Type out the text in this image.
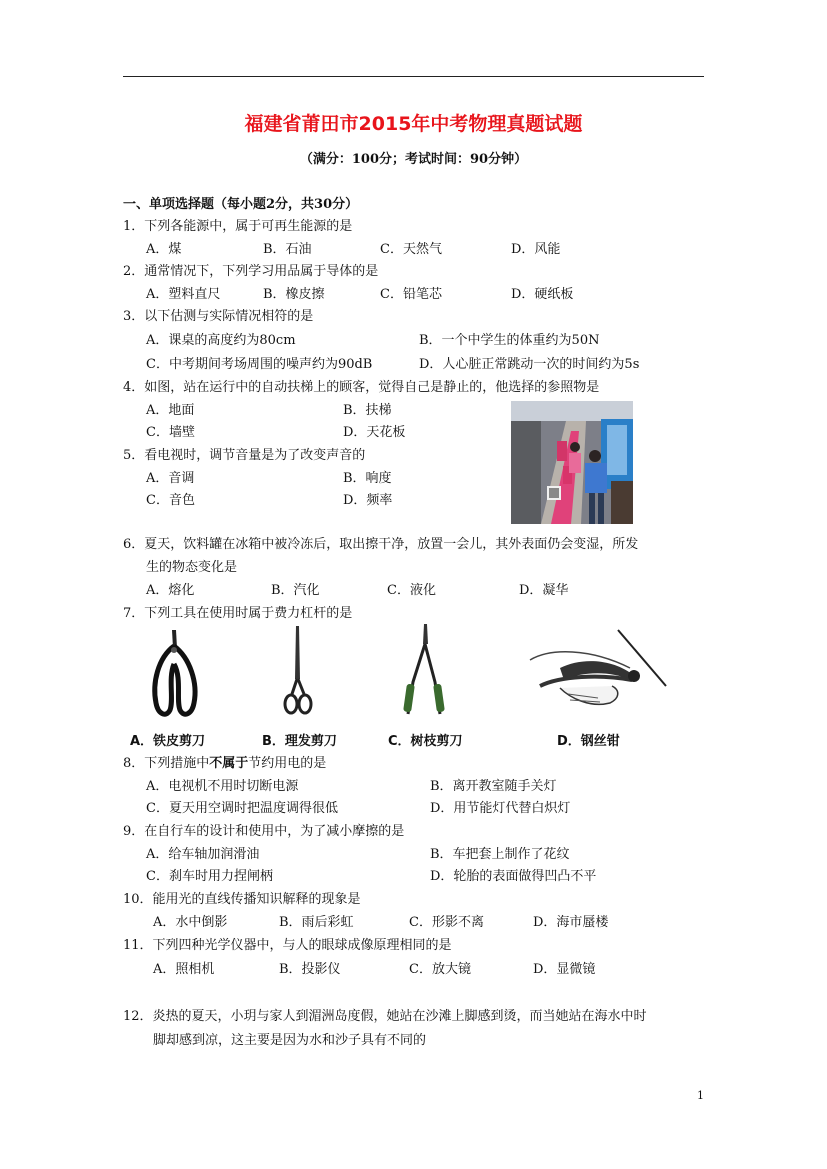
福建省莆田市2015年中考物理真题试题
（满分：100分；考试时间：90分钟）
一、单项选择题（每小题2分，共30分）
1．下列各能源中，属于可再生能源的是
A．煤	B．石油	C．天然气	D．风能
2．通常情况下，下列学习用品属于导体的是
A．塑料直尺	B．橡皮擦	C．铅笔芯	D．硬纸板
3．以下估测与实际情况相符的是
A．课桌的高度约为80cm	B．一个中学生的体重约为50N
C．中考期间考场周围的噪声约为90dB	D．人心脏正常跳动一次的时间约为5s
4．如图，站在运行中的自动扶梯上的顾客，觉得自己是静止的，他选择的参照物是
A．地面	B．扶梯
C．墙壁	D．天花板
5．看电视时，调节音量是为了改变声音的
A．音调	B．响度
C．音色	D．频率
6．夏天，饮料罐在冰箱中被冷冻后，取出擦干净，放置一会儿，其外表面仍会变湿，所发
生的物态变化是
A．熔化	B．汽化	C．液化	D．凝华
7．下列工具在使用时属于费力杠杆的是
A．铁皮剪刀	B．理发剪刀	C．树枝剪刀	D．钢丝钳
8．下列措施中不属于节约用电的是
A．电视机不用时切断电源	B．离开教室随手关灯
C．夏天用空调时把温度调得很低	D．用节能灯代替白炽灯
9．在自行车的设计和使用中，为了减小摩擦的是
A．给车轴加润滑油	B．车把套上制作了花纹
C．刹车时用力捏闸柄	D．轮胎的表面做得凹凸不平
10．能用光的直线传播知识解释的现象是
A．水中倒影	B．雨后彩虹	C．形影不离	D．海市蜃楼
11．下列四种光学仪器中，与人的眼球成像原理相同的是
A．照相机	B．投影仪	C．放大镜	D．显微镜
12．炎热的夏天，小玥与家人到湄洲岛度假，她站在沙滩上脚感到烫，而当她站在海水中时
脚却感到凉，这主要是因为水和沙子具有不同的
1
